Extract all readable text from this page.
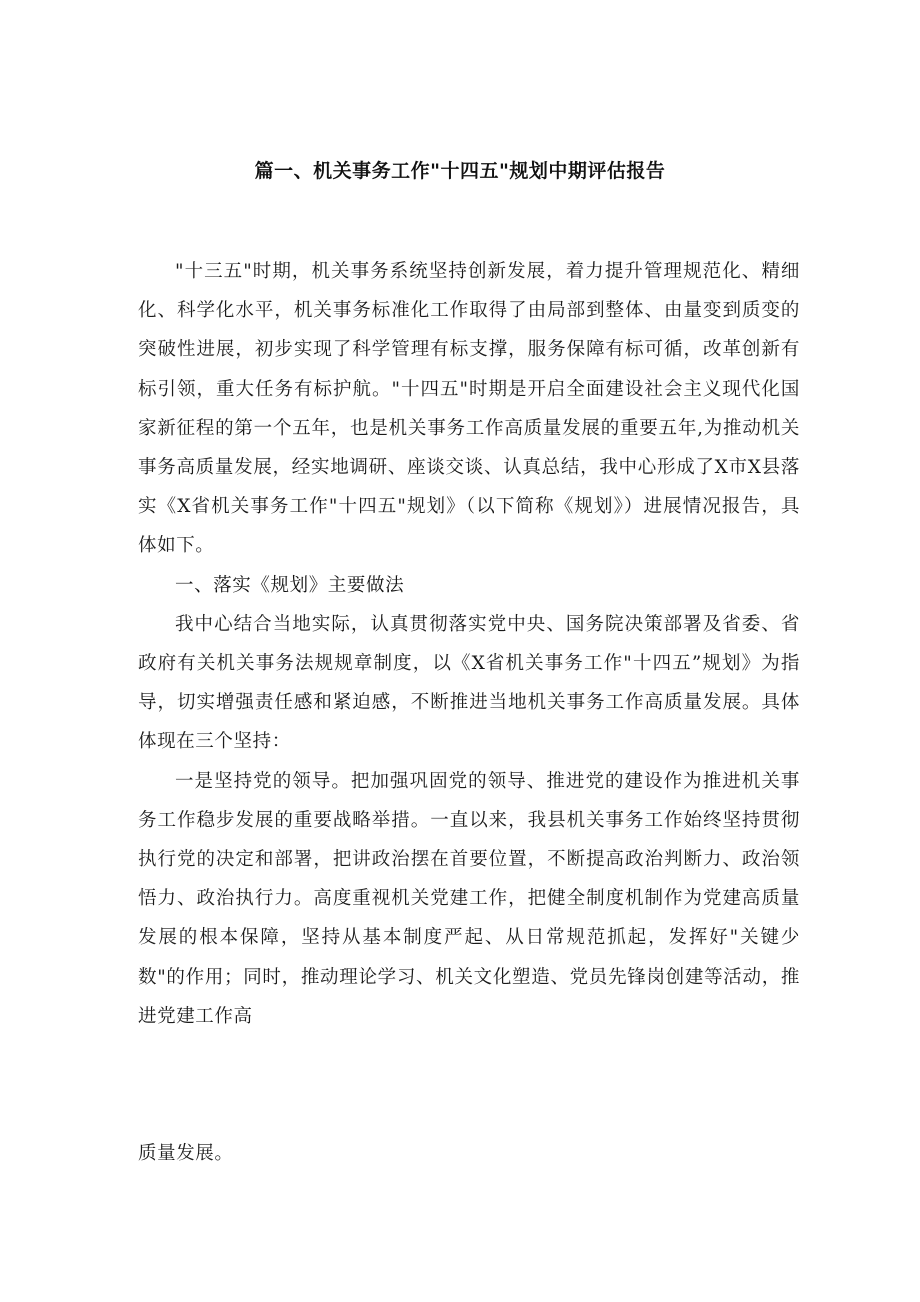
篇一、机关事务工作"十四五"规划中期评估报告

"十三五"时期，机关事务系统坚持创新发展，着力提升管理规范化、精细化、科学化水平，机关事务标准化工作取得了由局部到整体、由量变到质变的突破性进展，初步实现了科学管理有标支撑，服务保障有标可循，改革创新有标引领，重大任务有标护航。"十四五"时期是开启全面建设社会主义现代化国家新征程的第一个五年，也是机关事务工作高质量发展的重要五年,为推动机关事务高质量发展，经实地调研、座谈交谈、认真总结，我中心形成了X市X县落实《X省机关事务工作"十四五"规划》（以下简称《规划》）进展情况报告，具体如下。

一、落实《规划》主要做法

我中心结合当地实际，认真贯彻落实党中央、国务院决策部署及省委、省政府有关机关事务法规规章制度，以《X省机关事务工作"十四五”规划》为指导，切实增强责任感和紧迫感，不断推进当地机关事务工作高质量发展。具体体现在三个坚持：

一是坚持党的领导。把加强巩固党的领导、推进党的建设作为推进机关事务工作稳步发展的重要战略举措。一直以来，我县机关事务工作始终坚持贯彻执行党的决定和部署，把讲政治摆在首要位置，不断提高政治判断力、政治领悟力、政治执行力。高度重视机关党建工作，把健全制度机制作为党建高质量发展的根本保障，坚持从基本制度严起、从日常规范抓起，发挥好"关键少数"的作用；同时，推动理论学习、机关文化塑造、党员先锋岗创建等活动，推进党建工作高

质量发展。
